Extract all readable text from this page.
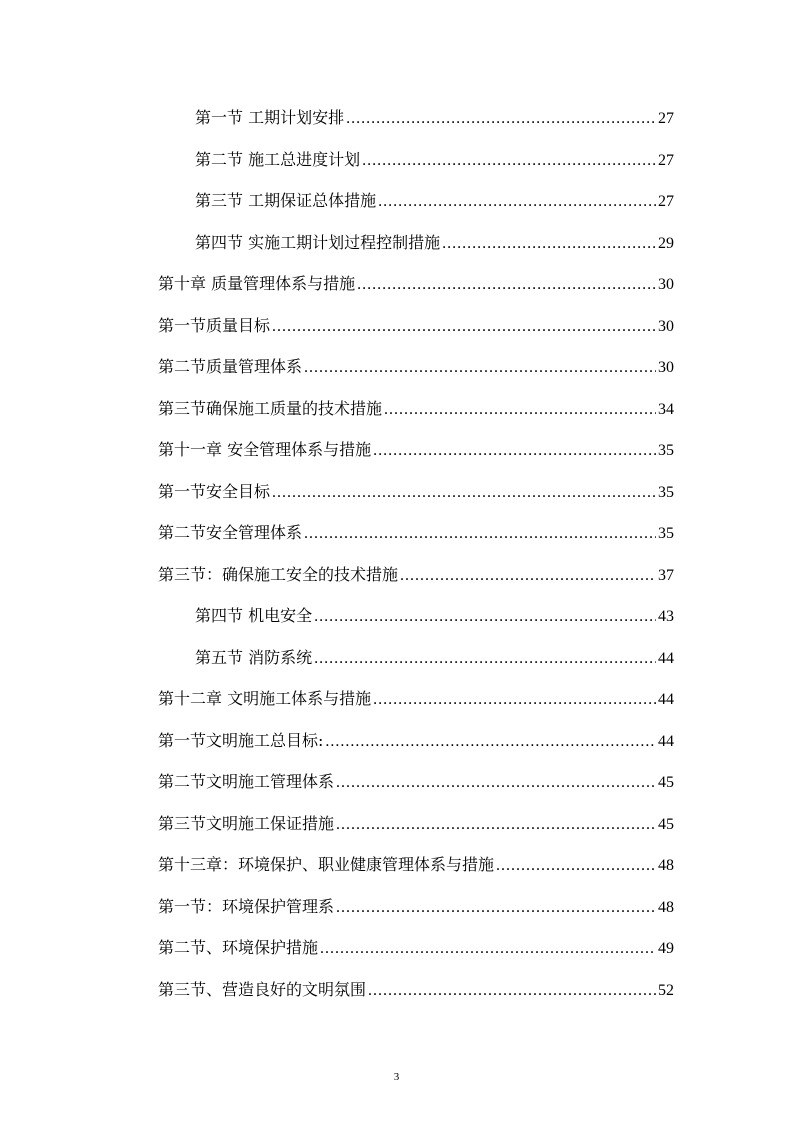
第一节 工期计划安排 .....	27
第二节 施工总进度计划 .....	27
第三节 工期保证总体措施 .....	27
第四节 实施工期计划过程控制措施 .....	29
第十章 质量管理体系与措施 .....	30
第一节质量目标 .....	30
第二节质量管理体系 .....	30
第三节确保施工质量的技术措施 .....	34
第十一章 安全管理体系与措施 .....	35
第一节安全目标 .....	35
第二节安全管理体系 .....	35
第三节：确保施工安全的技术措施 .....	37
第四节 机电安全 .....	43
第五节 消防系统 .....	44
第十二章 文明施工体系与措施 .....	44
第一节文明施工总目标: .....	44
第二节文明施工管理体系 .....	45
第三节文明施工保证措施 .....	45
第十三章：环境保护、职业健康管理体系与措施 .....	48
第一节：环境保护管理系 .....	48
第二节、环境保护措施 .....	49
第三节、营造良好的文明氛围 .....	52
3
